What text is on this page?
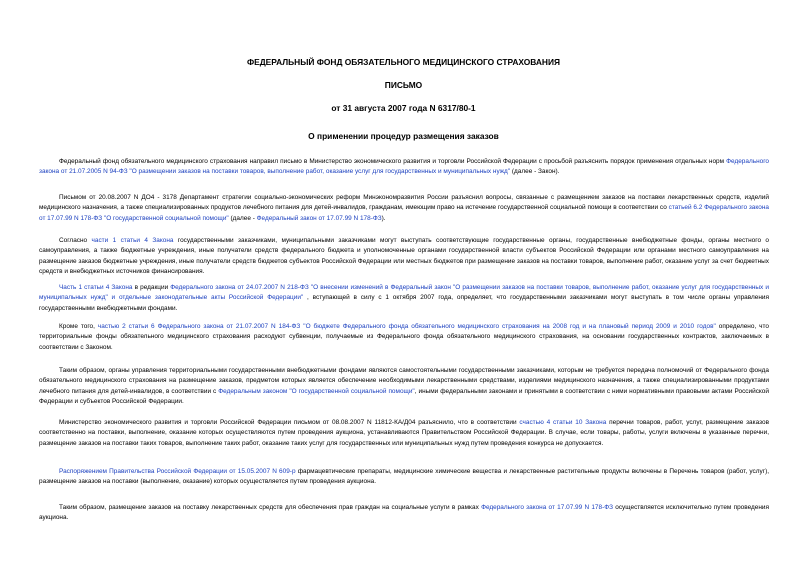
ФЕДЕРАЛЬНЫЙ ФОНД ОБЯЗАТЕЛЬНОГО МЕДИЦИНСКОГО СТРАХОВАНИЯ
ПИСЬМО
от 31 августа 2007 года N 6317/80-1
О применении процедур размещения заказов
Федеральный фонд обязательного медицинского страхования направил письмо в Министерство экономического развития и торговли Российской Федерации с просьбой разъяснить порядок применения отдельных норм Федерального закона от 21.07.2005 N 94-ФЗ "О размещении заказов на поставки товаров, выполнение работ, оказание услуг для государственных и муниципальных нужд" (далее - Закон).
Письмом от 20.08.2007 N ДО4 - 3178 Департамент стратегии социально-экономических реформ Минэкономразвития России разъяснил вопросы, связанные с размещением заказов на поставки лекарственных средств, изделий медицинского назначения, а также специализированных продуктов лечебного питания для детей-инвалидов, гражданам, имеющим право на истечение государственной социальной помощи в соответствии со статьей 6.2 Федерального закона от 17.07.99 N 178-ФЗ "О государственной социальной помощи" (далее - Федеральный закон от 17.07.99 N 178-ФЗ).
Согласно части 1 статьи 4 Закона государственными заказчиками, муниципальными заказчиками могут выступать соответствующие государственные органы, государственные внебюджетные фонды, органы местного о самоуправления, а также бюджетные учреждения, иные получатели средств федерального бюджета и уполномоченные органами государственной власти субъектов Российской Федерации или органами местного самоуправления на размещение заказов бюджетные учреждения, иные получатели средств бюджетов субъектов Российской Федерации или местных бюджетов при размещение заказов на поставки товаров, выполнение работ, оказание услуг за счет бюджетных средств и внебюджетных источников финансирования.
Часть 1 статьи 4 Закона в редакции Федерального закона от 24.07.2007 N 218-ФЗ "О внесении изменений в Федеральный закон "О размещении заказов на поставки товаров, выполнение работ, оказание услуг для государственных и муниципальных нужд" и отдельные законодательные акты Российской Федерации" , вступающей в силу с 1 октября 2007 года, определяет, что государственными заказчиками могут выступать в том числе органы управления государственными внебюджетными фондами.
Кроме того, частью 2 статьи 6 Федерального закона от 21.07.2007 N 184-ФЗ "О бюджете Федерального фонда обязательного медицинского страхования на 2008 год и на плановый период 2009 и 2010 годов" определено, что территориальные фонды обязательного медицинского страхования расходуют субвенции, получаемые из Федерального фонда обязательного медицинского страхования, на основании государственных контрактов, заключаемых в соответствии с Законом.
Таким образом, органы управления территориальными государственными внебюджетными фондами являются самостоятельными государственными заказчиками, которым не требуется передача полномочий от Федерального фонда обязательного медицинского страхования на размещение заказов, предметом которых является обеспечение необходимыми лекарственными средствами, изделиями медицинского назначения, а также специализированными продуктами лечебного питания для детей-инвалидов, в соответствии с Федеральным законом "О государственной социальной помощи", иными федеральными законами и принятыми в соответствии с ними нормативными правовыми актами Российской Федерации и субъектов Российской Федерации.
Министерство экономического развития и торговли Российской Федерации письмом от 08.08.2007 N 11812-КА/Д04 разъяснило, что в соответствии счастью 4 статьи 10 Закона перечни товаров, работ, услуг, размещение заказов соответственно на поставки, выполнение, оказание которых осуществляются путем проведения аукциона, устанавливаются Правительством Российской Федерации. В случае, если товары, работы, услуги включены в указанные перечни, размещение заказов на поставки таких товаров, выполнение таких работ, оказание таких услуг для государственных или муниципальных нужд путем проведения конкурса не допускается.
Распоряжением Правительства Российской Федерации от 15.05.2007 N 609-р фармацевтические препараты, медицинские химические вещества и лекарственные растительные продукты включены в Перечень товаров (работ, услуг), размещение заказов на поставки (выполнение, оказание) которых осуществляется путем проведения аукциона.
Таким образом, размещение заказов на поставку лекарственных средств для обеспечения прав граждан на социальные услуги в рамках Федерального закона от 17.07.99 N 178-ФЗ осуществляется исключительно путем проведения аукциона.
